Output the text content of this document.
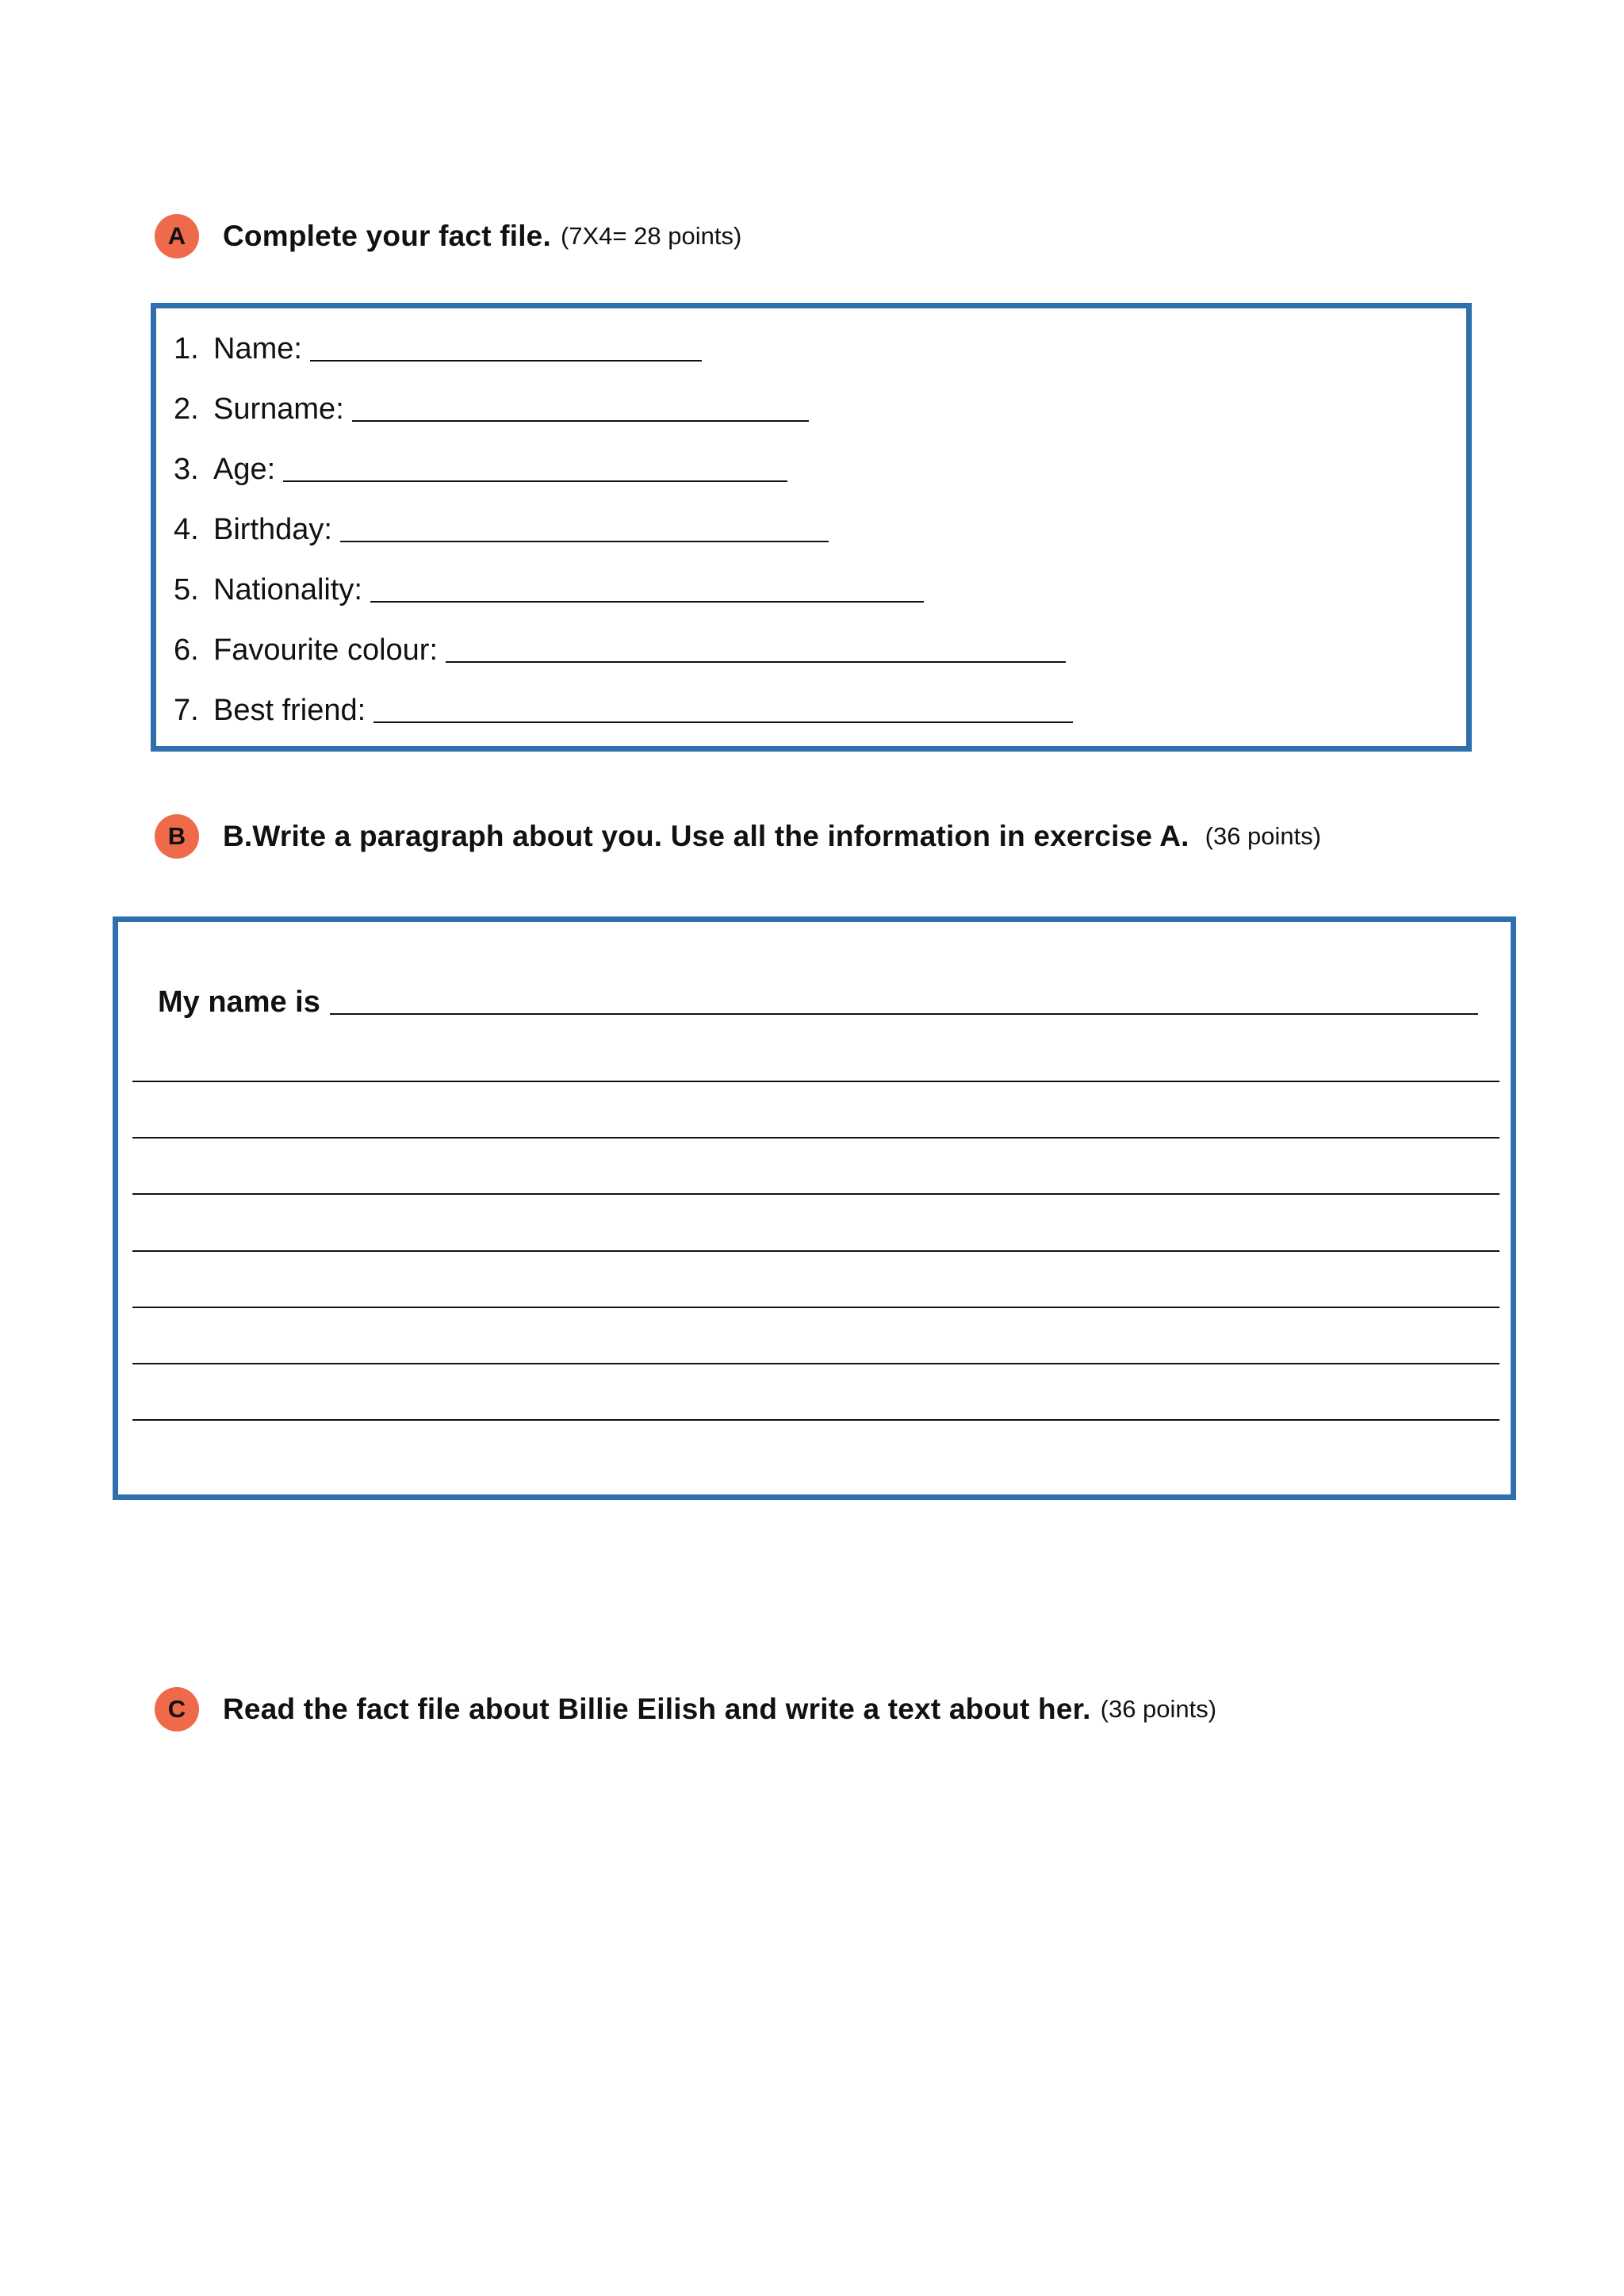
A	Complete your fact file. (7X4= 28 points)
1. Name:
2. Surname:
3. Age:
4. Birthday:
5. Nationality:
6. Favourite colour:
7. Best friend:
B	B.Write a paragraph about you. Use all the information in exercise A. (36 points)
My name is
C	Read the fact file about Billie Eilish and write a text about her. (36 points)
